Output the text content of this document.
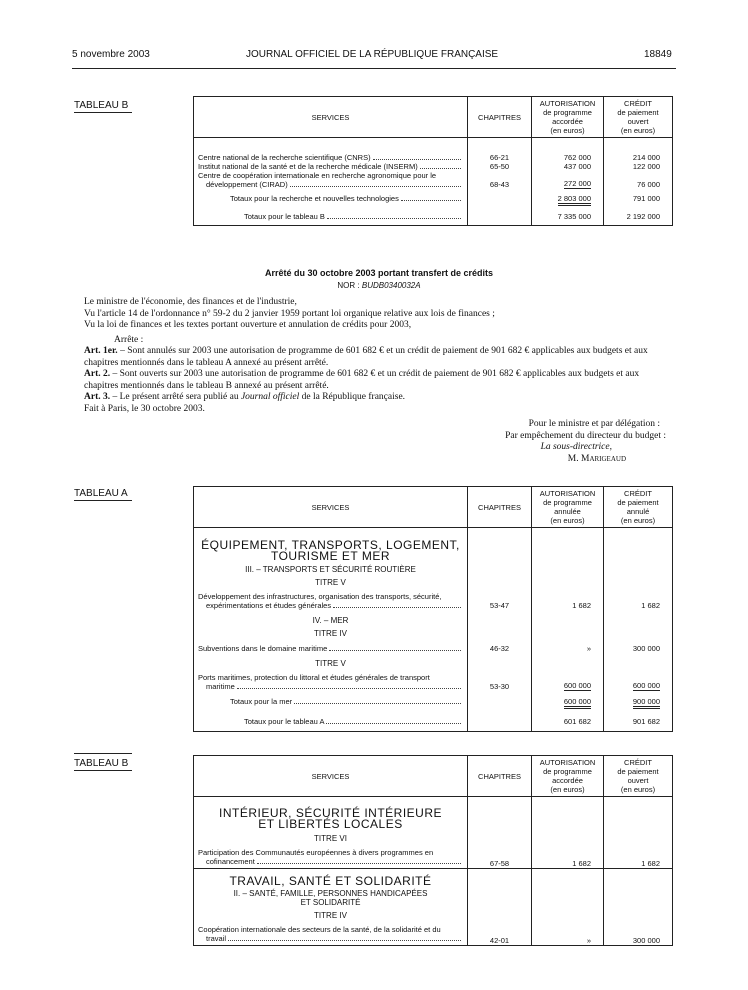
5 novembre 2003	JOURNAL OFFICIEL DE LA RÉPUBLIQUE FRANÇAISE	18849
TABLEAU B
SERVICES	CHAPITRES	AUTORISATION
de programme
accordée
(en euros)	CRÉDIT
de paiement
ouvert
(en euros)

Centre national de la recherche scientifique (CNRS)	66-21	762 000	214 000

Institut national de la santé et de la recherche médicale (INSERM)	65-50	437 000	122 000

Centre de coopération internationale en recherche agronomique pour le
développement (CIRAD)	68-43	272 000	76 000

Totaux pour la recherche et nouvelles technologies		2 803 000	791 000

Totaux pour le tableau B		7 335 000	2 192 000
Arrêté du 30 octobre 2003 portant transfert de crédits
NOR : BUDB0340032A
Le ministre de l'économie, des finances et de l'industrie,
Vu l'article 14 de l'ordonnance n° 59-2 du 2 janvier 1959 portant loi organique relative aux lois de finances ;
Vu la loi de finances et les textes portant ouverture et annulation de crédits pour 2003,
Arrête :
Art. 1er. – Sont annulés sur 2003 une autorisation de programme de 601 682 € et un crédit de paiement de 901 682 € applicables aux budgets et aux chapitres mentionnés dans le tableau A annexé au présent arrêté.
Art. 2. – Sont ouverts sur 2003 une autorisation de programme de 601 682 € et un crédit de paiement de 901 682 € applicables aux budgets et aux chapitres mentionnés dans le tableau B annexé au présent arrêté.
Art. 3. – Le présent arrêté sera publié au Journal officiel de la République française.
Fait à Paris, le 30 octobre 2003.
Pour le ministre et par délégation :
Par empêchement du directeur du budget :
La sous-directrice,
M. Marigeaud
TABLEAU A
SERVICES	CHAPITRES	AUTORISATION
de programme
annulée
(en euros)	CRÉDIT
de paiement
annulé
(en euros)

ÉQUIPEMENT, TRANSPORTS, LOGEMENT,
TOURISME ET MER
III. – TRANSPORTS ET SÉCURITÉ ROUTIÈRE
TITRE V			

Développement des infrastructures, organisation des transports, sécurité,
expérimentations et études générales	53-47	1 682	1 682

IV. – MER
TITRE IV			

Subventions dans le domaine maritime	46-32	»	300 000

TITRE V			

Ports maritimes, protection du littoral et études générales de transport
maritime	53-30	600 000	600 000

Totaux pour la mer		600 000	900 000

Totaux pour le tableau A		601 682	901 682
TABLEAU B
SERVICES	CHAPITRES	AUTORISATION
de programme
accordée
(en euros)	CRÉDIT
de paiement
ouvert
(en euros)

INTÉRIEUR, SÉCURITÉ INTÉRIEURE
ET LIBERTÉS LOCALES
TITRE VI			

Participation des Communautés européennes à divers programmes en
cofinancement	67-58	1 682	1 682

TRAVAIL, SANTÉ ET SOLIDARITÉ
II. – SANTÉ, FAMILLE, PERSONNES HANDICAPÉES
ET SOLIDARITÉ
TITRE IV			

Coopération internationale des secteurs de la santé, de la solidarité et du
travail	42-01	»	300 000
